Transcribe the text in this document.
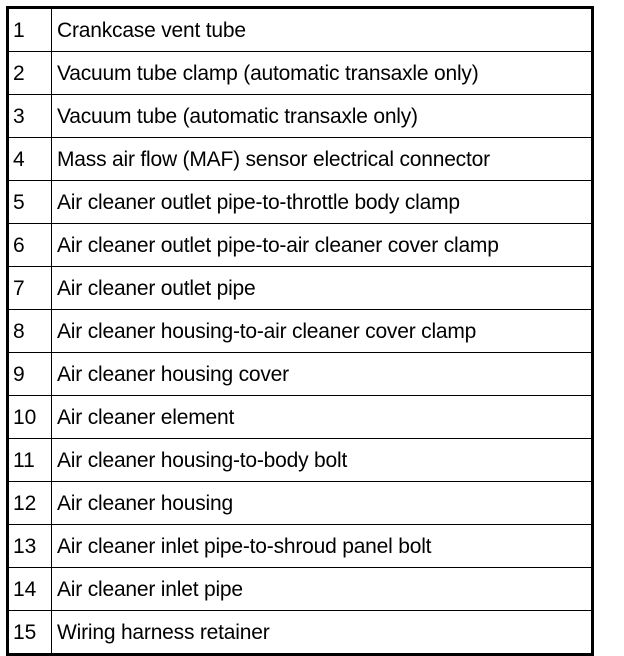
1	Crankcase vent tube
2	Vacuum tube clamp (automatic transaxle only)
3	Vacuum tube (automatic transaxle only)
4	Mass air flow (MAF) sensor electrical connector
5	Air cleaner outlet pipe-to-throttle body clamp
6	Air cleaner outlet pipe-to-air cleaner cover clamp
7	Air cleaner outlet pipe
8	Air cleaner housing-to-air cleaner cover clamp
9	Air cleaner housing cover
10	Air cleaner element
11	Air cleaner housing-to-body bolt
12	Air cleaner housing
13	Air cleaner inlet pipe-to-shroud panel bolt
14	Air cleaner inlet pipe
15	Wiring harness retainer
